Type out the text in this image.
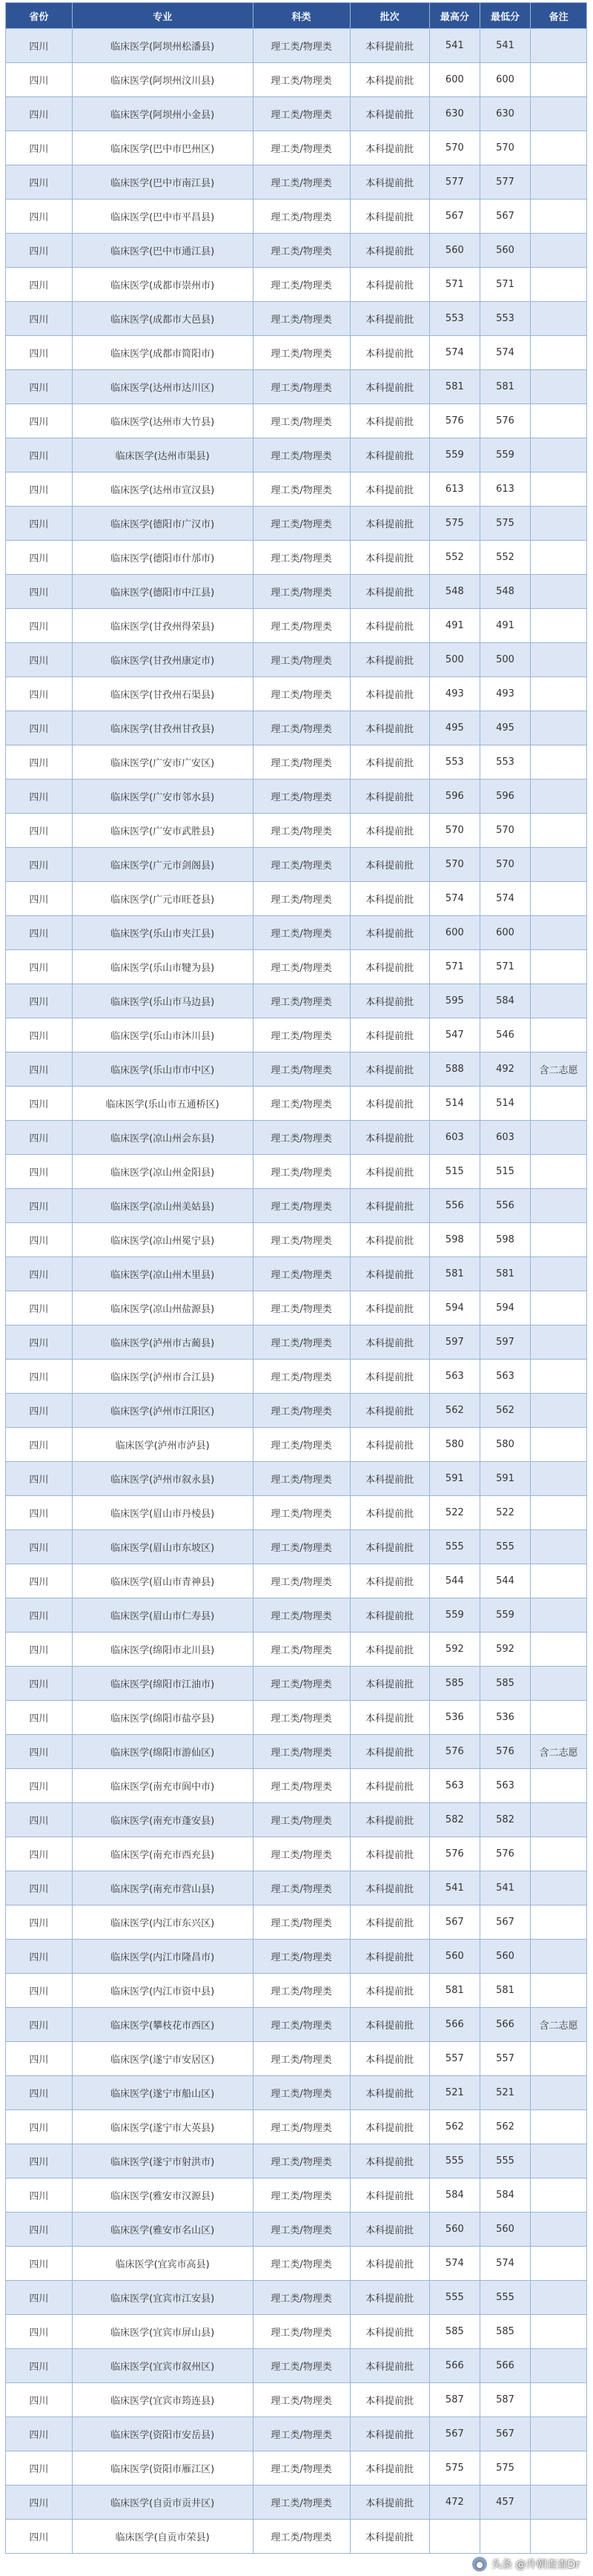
省份	专业	科类	批次	最高分	最低分	备注
四川	临床医学(阿坝州松潘县)	理工类/物理类	本科提前批	541	541	
四川	临床医学(阿坝州汶川县)	理工类/物理类	本科提前批	600	600	
四川	临床医学(阿坝州小金县)	理工类/物理类	本科提前批	630	630	
四川	临床医学(巴中市巴州区)	理工类/物理类	本科提前批	570	570	
四川	临床医学(巴中市南江县)	理工类/物理类	本科提前批	577	577	
四川	临床医学(巴中市平昌县)	理工类/物理类	本科提前批	567	567	
四川	临床医学(巴中市通江县)	理工类/物理类	本科提前批	560	560	
四川	临床医学(成都市崇州市)	理工类/物理类	本科提前批	571	571	
四川	临床医学(成都市大邑县)	理工类/物理类	本科提前批	553	553	
四川	临床医学(成都市简阳市)	理工类/物理类	本科提前批	574	574	
四川	临床医学(达州市达川区)	理工类/物理类	本科提前批	581	581	
四川	临床医学(达州市大竹县)	理工类/物理类	本科提前批	576	576	
四川	临床医学(达州市渠县)	理工类/物理类	本科提前批	559	559	
四川	临床医学(达州市宣汉县)	理工类/物理类	本科提前批	613	613	
四川	临床医学(德阳市广汉市)	理工类/物理类	本科提前批	575	575	
四川	临床医学(德阳市什邡市)	理工类/物理类	本科提前批	552	552	
四川	临床医学(德阳市中江县)	理工类/物理类	本科提前批	548	548	
四川	临床医学(甘孜州得荣县)	理工类/物理类	本科提前批	491	491	
四川	临床医学(甘孜州康定市)	理工类/物理类	本科提前批	500	500	
四川	临床医学(甘孜州石渠县)	理工类/物理类	本科提前批	493	493	
四川	临床医学(甘孜州甘孜县)	理工类/物理类	本科提前批	495	495	
四川	临床医学(广安市广安区)	理工类/物理类	本科提前批	553	553	
四川	临床医学(广安市邻水县)	理工类/物理类	本科提前批	596	596	
四川	临床医学(广安市武胜县)	理工类/物理类	本科提前批	570	570	
四川	临床医学(广元市剑阁县)	理工类/物理类	本科提前批	570	570	
四川	临床医学(广元市旺苍县)	理工类/物理类	本科提前批	574	574	
四川	临床医学(乐山市夹江县)	理工类/物理类	本科提前批	600	600	
四川	临床医学(乐山市犍为县)	理工类/物理类	本科提前批	571	571	
四川	临床医学(乐山市马边县)	理工类/物理类	本科提前批	595	584	
四川	临床医学(乐山市沐川县)	理工类/物理类	本科提前批	547	546	
四川	临床医学(乐山市市中区)	理工类/物理类	本科提前批	588	492	含二志愿
四川	临床医学(乐山市五通桥区)	理工类/物理类	本科提前批	514	514	
四川	临床医学(凉山州会东县)	理工类/物理类	本科提前批	603	603	
四川	临床医学(凉山州金阳县)	理工类/物理类	本科提前批	515	515	
四川	临床医学(凉山州美姑县)	理工类/物理类	本科提前批	556	556	
四川	临床医学(凉山州冕宁县)	理工类/物理类	本科提前批	598	598	
四川	临床医学(凉山州木里县)	理工类/物理类	本科提前批	581	581	
四川	临床医学(凉山州盐源县)	理工类/物理类	本科提前批	594	594	
四川	临床医学(泸州市古蔺县)	理工类/物理类	本科提前批	597	597	
四川	临床医学(泸州市合江县)	理工类/物理类	本科提前批	563	563	
四川	临床医学(泸州市江阳区)	理工类/物理类	本科提前批	562	562	
四川	临床医学(泸州市泸县)	理工类/物理类	本科提前批	580	580	
四川	临床医学(泸州市叙永县)	理工类/物理类	本科提前批	591	591	
四川	临床医学(眉山市丹棱县)	理工类/物理类	本科提前批	522	522	
四川	临床医学(眉山市东坡区)	理工类/物理类	本科提前批	555	555	
四川	临床医学(眉山市青神县)	理工类/物理类	本科提前批	544	544	
四川	临床医学(眉山市仁寿县)	理工类/物理类	本科提前批	559	559	
四川	临床医学(绵阳市北川县)	理工类/物理类	本科提前批	592	592	
四川	临床医学(绵阳市江油市)	理工类/物理类	本科提前批	585	585	
四川	临床医学(绵阳市盐亭县)	理工类/物理类	本科提前批	536	536	
四川	临床医学(绵阳市游仙区)	理工类/物理类	本科提前批	576	576	含二志愿
四川	临床医学(南充市阆中市)	理工类/物理类	本科提前批	563	563	
四川	临床医学(南充市蓬安县)	理工类/物理类	本科提前批	582	582	
四川	临床医学(南充市西充县)	理工类/物理类	本科提前批	576	576	
四川	临床医学(南充市营山县)	理工类/物理类	本科提前批	541	541	
四川	临床医学(内江市东兴区)	理工类/物理类	本科提前批	567	567	
四川	临床医学(内江市隆昌市)	理工类/物理类	本科提前批	560	560	
四川	临床医学(内江市资中县)	理工类/物理类	本科提前批	581	581	
四川	临床医学(攀枝花市西区)	理工类/物理类	本科提前批	566	566	含二志愿
四川	临床医学(遂宁市安居区)	理工类/物理类	本科提前批	557	557	
四川	临床医学(遂宁市船山区)	理工类/物理类	本科提前批	521	521	
四川	临床医学(遂宁市大英县)	理工类/物理类	本科提前批	562	562	
四川	临床医学(遂宁市射洪市)	理工类/物理类	本科提前批	555	555	
四川	临床医学(雅安市汉源县)	理工类/物理类	本科提前批	584	584	
四川	临床医学(雅安市名山区)	理工类/物理类	本科提前批	560	560	
四川	临床医学(宜宾市高县)	理工类/物理类	本科提前批	574	574	
四川	临床医学(宜宾市江安县)	理工类/物理类	本科提前批	555	555	
四川	临床医学(宜宾市屏山县)	理工类/物理类	本科提前批	585	585	
四川	临床医学(宜宾市叙州区)	理工类/物理类	本科提前批	566	566	
四川	临床医学(宜宾市筠连县)	理工类/物理类	本科提前批	587	587	
四川	临床医学(资阳市安岳县)	理工类/物理类	本科提前批	567	567	
四川	临床医学(资阳市雁江区)	理工类/物理类	本科提前批	575	575	
四川	临床医学(自贡市贡井区)	理工类/物理类	本科提前批	472	457	
四川	临床医学(自贡市荣县)	理工类/物理类	本科提前批			
● 头条 @升朝查查Dr
